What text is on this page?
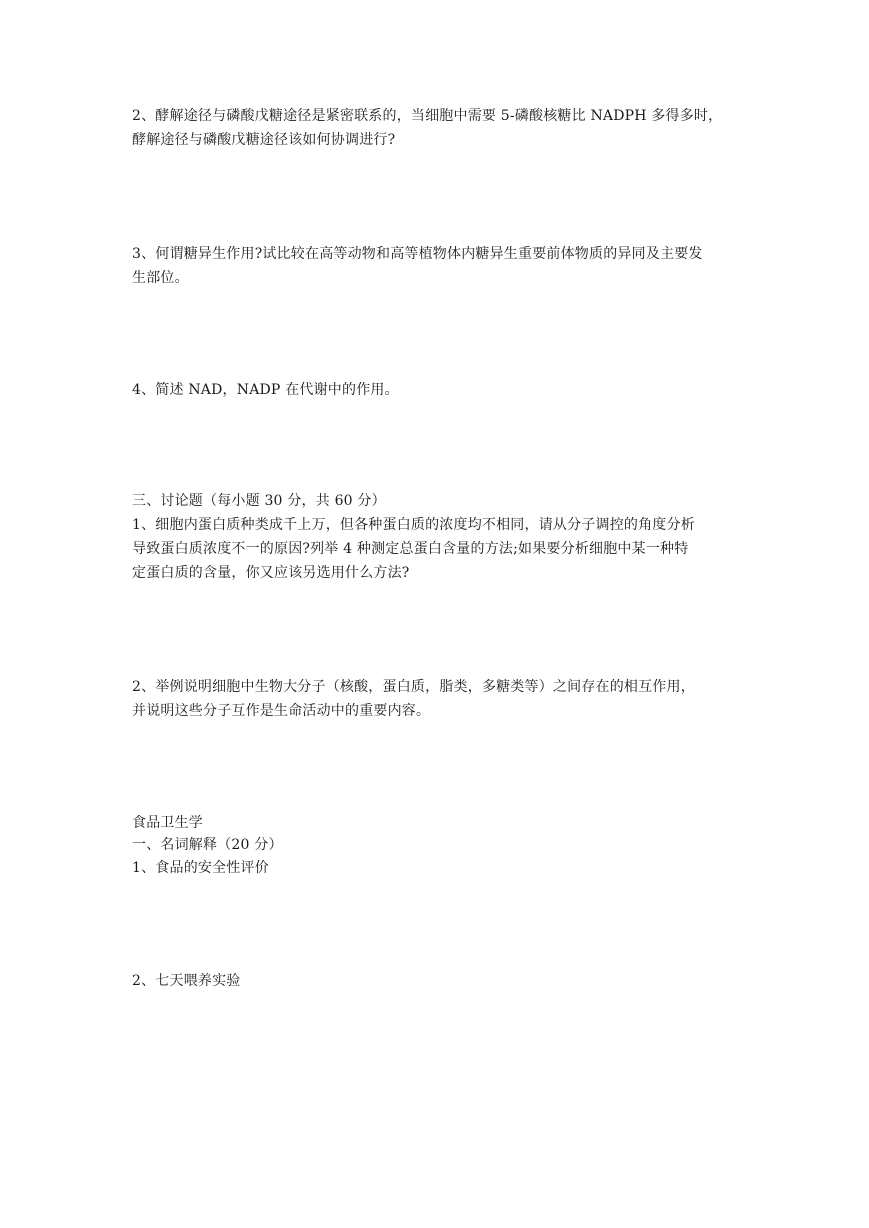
2、酵解途径与磷酸戊糖途径是紧密联系的，当细胞中需要 5-磷酸核糖比 NADPH 多得多时，
酵解途径与磷酸戊糖途径该如何协调进行?
3、何谓糖异生作用?试比较在高等动物和高等植物体内糖异生重要前体物质的异同及主要发
生部位。
4、简述 NAD，NADP 在代谢中的作用。
三、讨论题（每小题 30 分，共 60 分）
1、细胞内蛋白质种类成千上万，但各种蛋白质的浓度均不相同，请从分子调控的角度分析
导致蛋白质浓度不一的原因?列举 4 种测定总蛋白含量的方法;如果要分析细胞中某一种特
定蛋白质的含量，你又应该另选用什么方法?
2、举例说明细胞中生物大分子（核酸，蛋白质，脂类，多糖类等）之间存在的相互作用，
并说明这些分子互作是生命活动中的重要内容。
食品卫生学
一、名词解释（20 分）
1、食品的安全性评价
2、七天喂养实验
